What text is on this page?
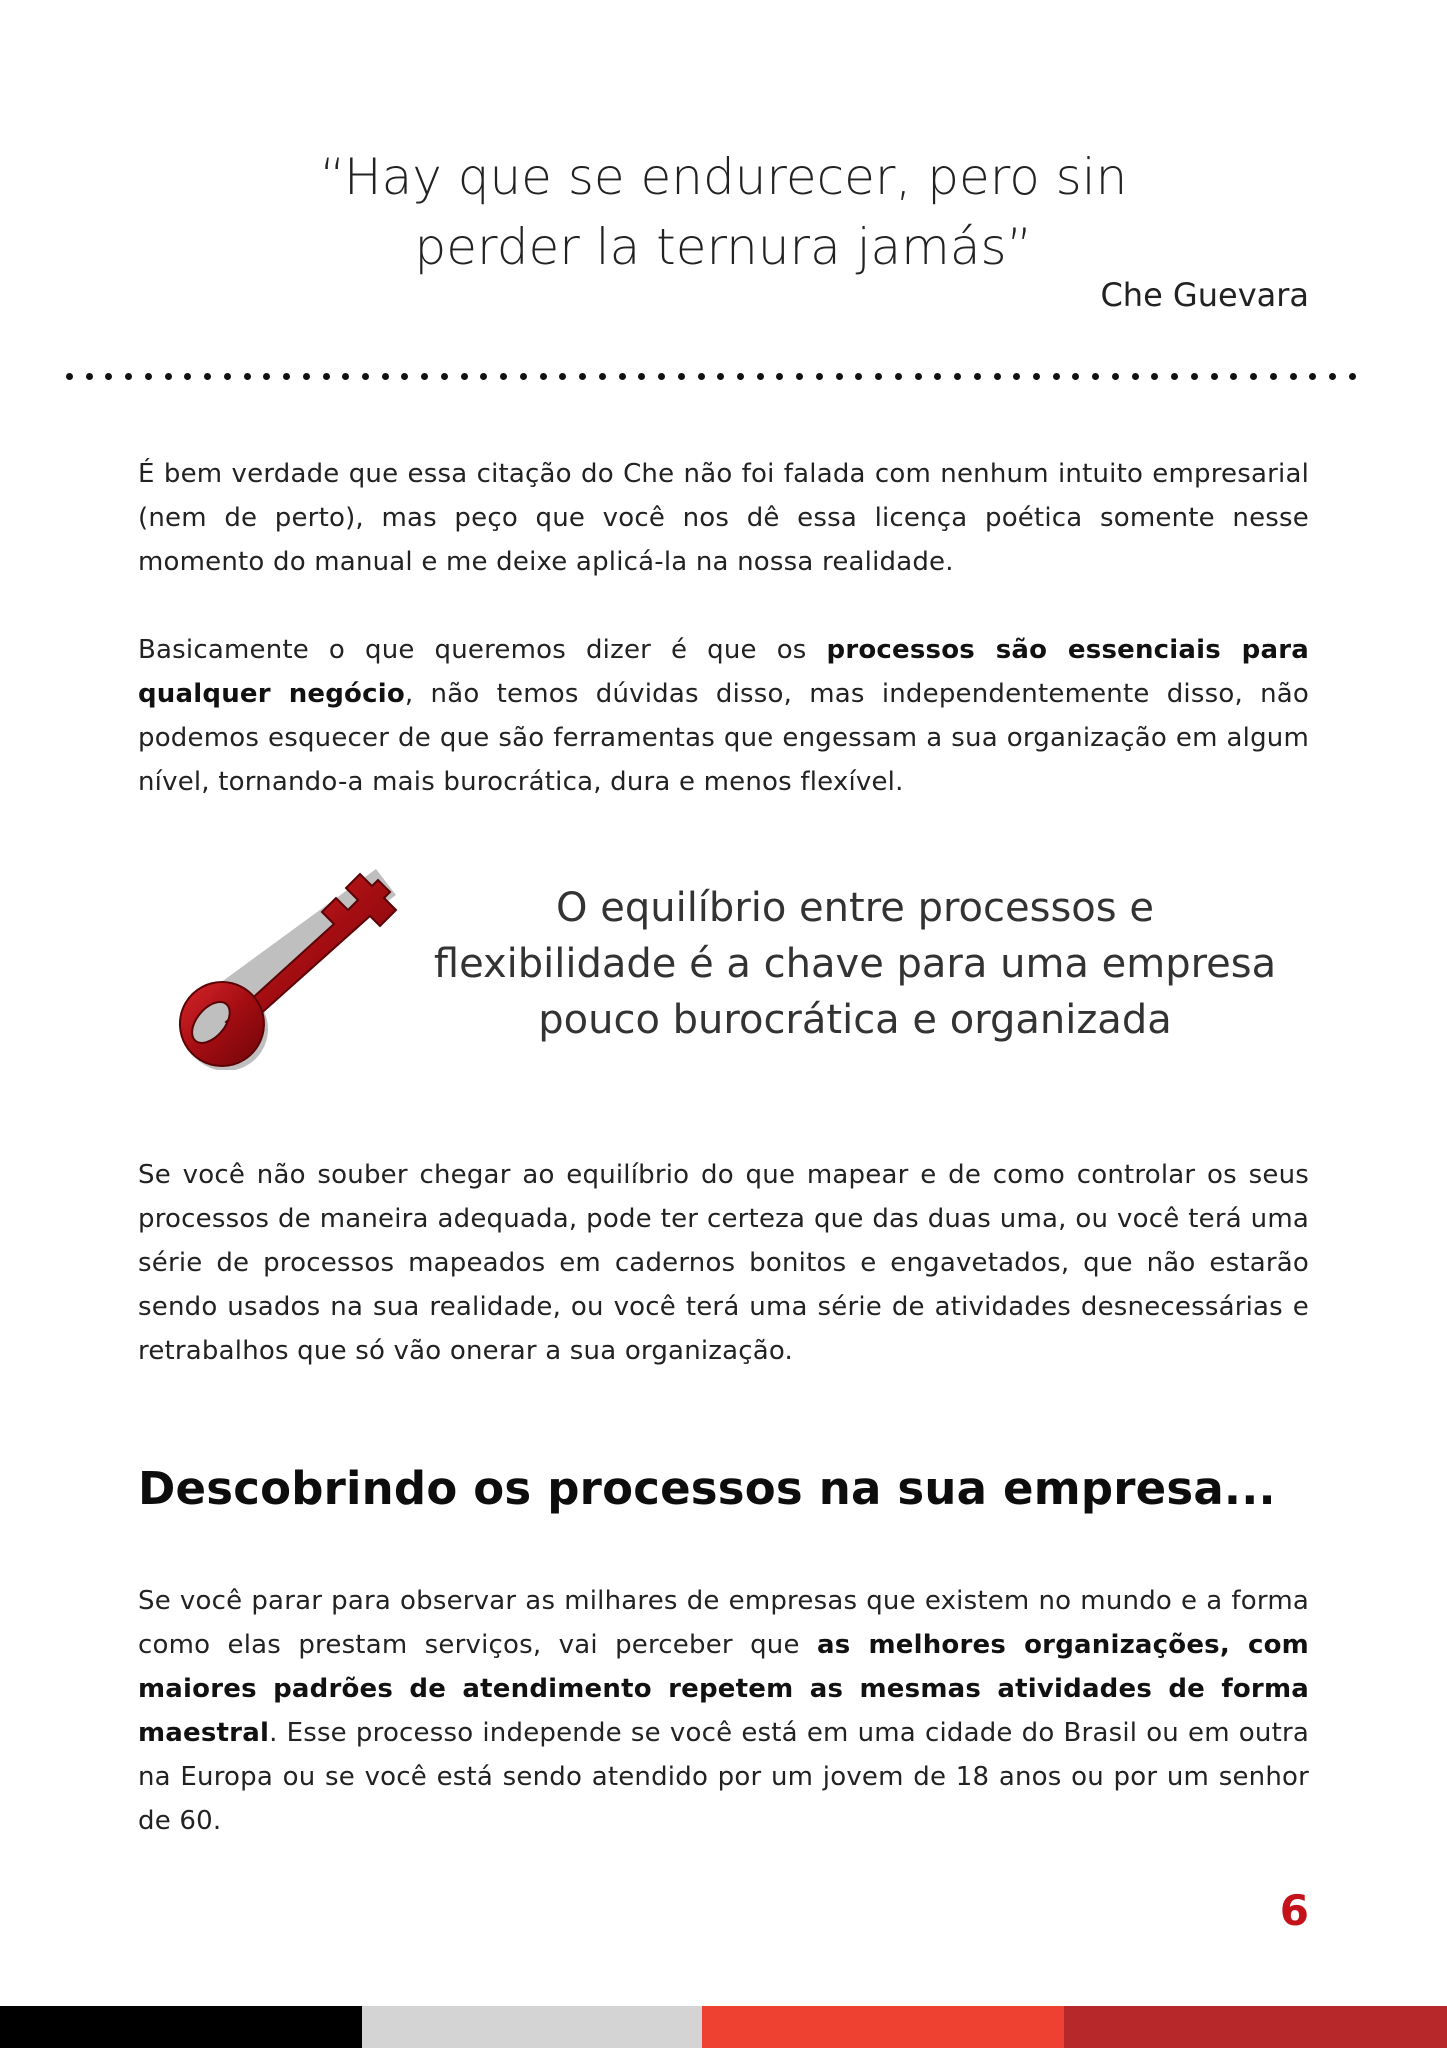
“Hay que se endurecer, pero sin
perder la ternura jamás”
Che Guevara
É bem verdade que essa citação do Che não foi falada com nenhum intuito empresarial (nem de perto), mas peço que você nos dê essa licença poética somente nesse momento do manual e me deixe aplicá-la na nossa realidade.
Basicamente o que queremos dizer é que os processos são essenciais para qualquer negócio, não temos dúvidas disso, mas independentemente disso, não podemos esquecer de que são ferramentas que engessam a sua organização em algum nível, tornando-a mais burocrática, dura e menos flexível.
O equilíbrio entre processos e
flexibilidade é a chave para uma empresa
pouco burocrática e organizada
Se você não souber chegar ao equilíbrio do que mapear e de como controlar os seus processos de maneira adequada, pode ter certeza que das duas uma, ou você terá uma série de processos mapeados em cadernos bonitos e engavetados, que não estarão sendo usados na sua realidade, ou você terá uma série de atividades desnecessárias e retrabalhos que só vão onerar a sua organização.
Descobrindo os processos na sua empresa...
Se você parar para observar as milhares de empresas que existem no mundo e a forma como elas prestam serviços, vai perceber que as melhores organizações, com maiores padrões de atendimento repetem as mesmas atividades de forma maestral. Esse processo independe se você está em uma cidade do Brasil ou em outra na Europa ou se você está sendo atendido por um jovem de 18 anos ou por um senhor de 60.
6
